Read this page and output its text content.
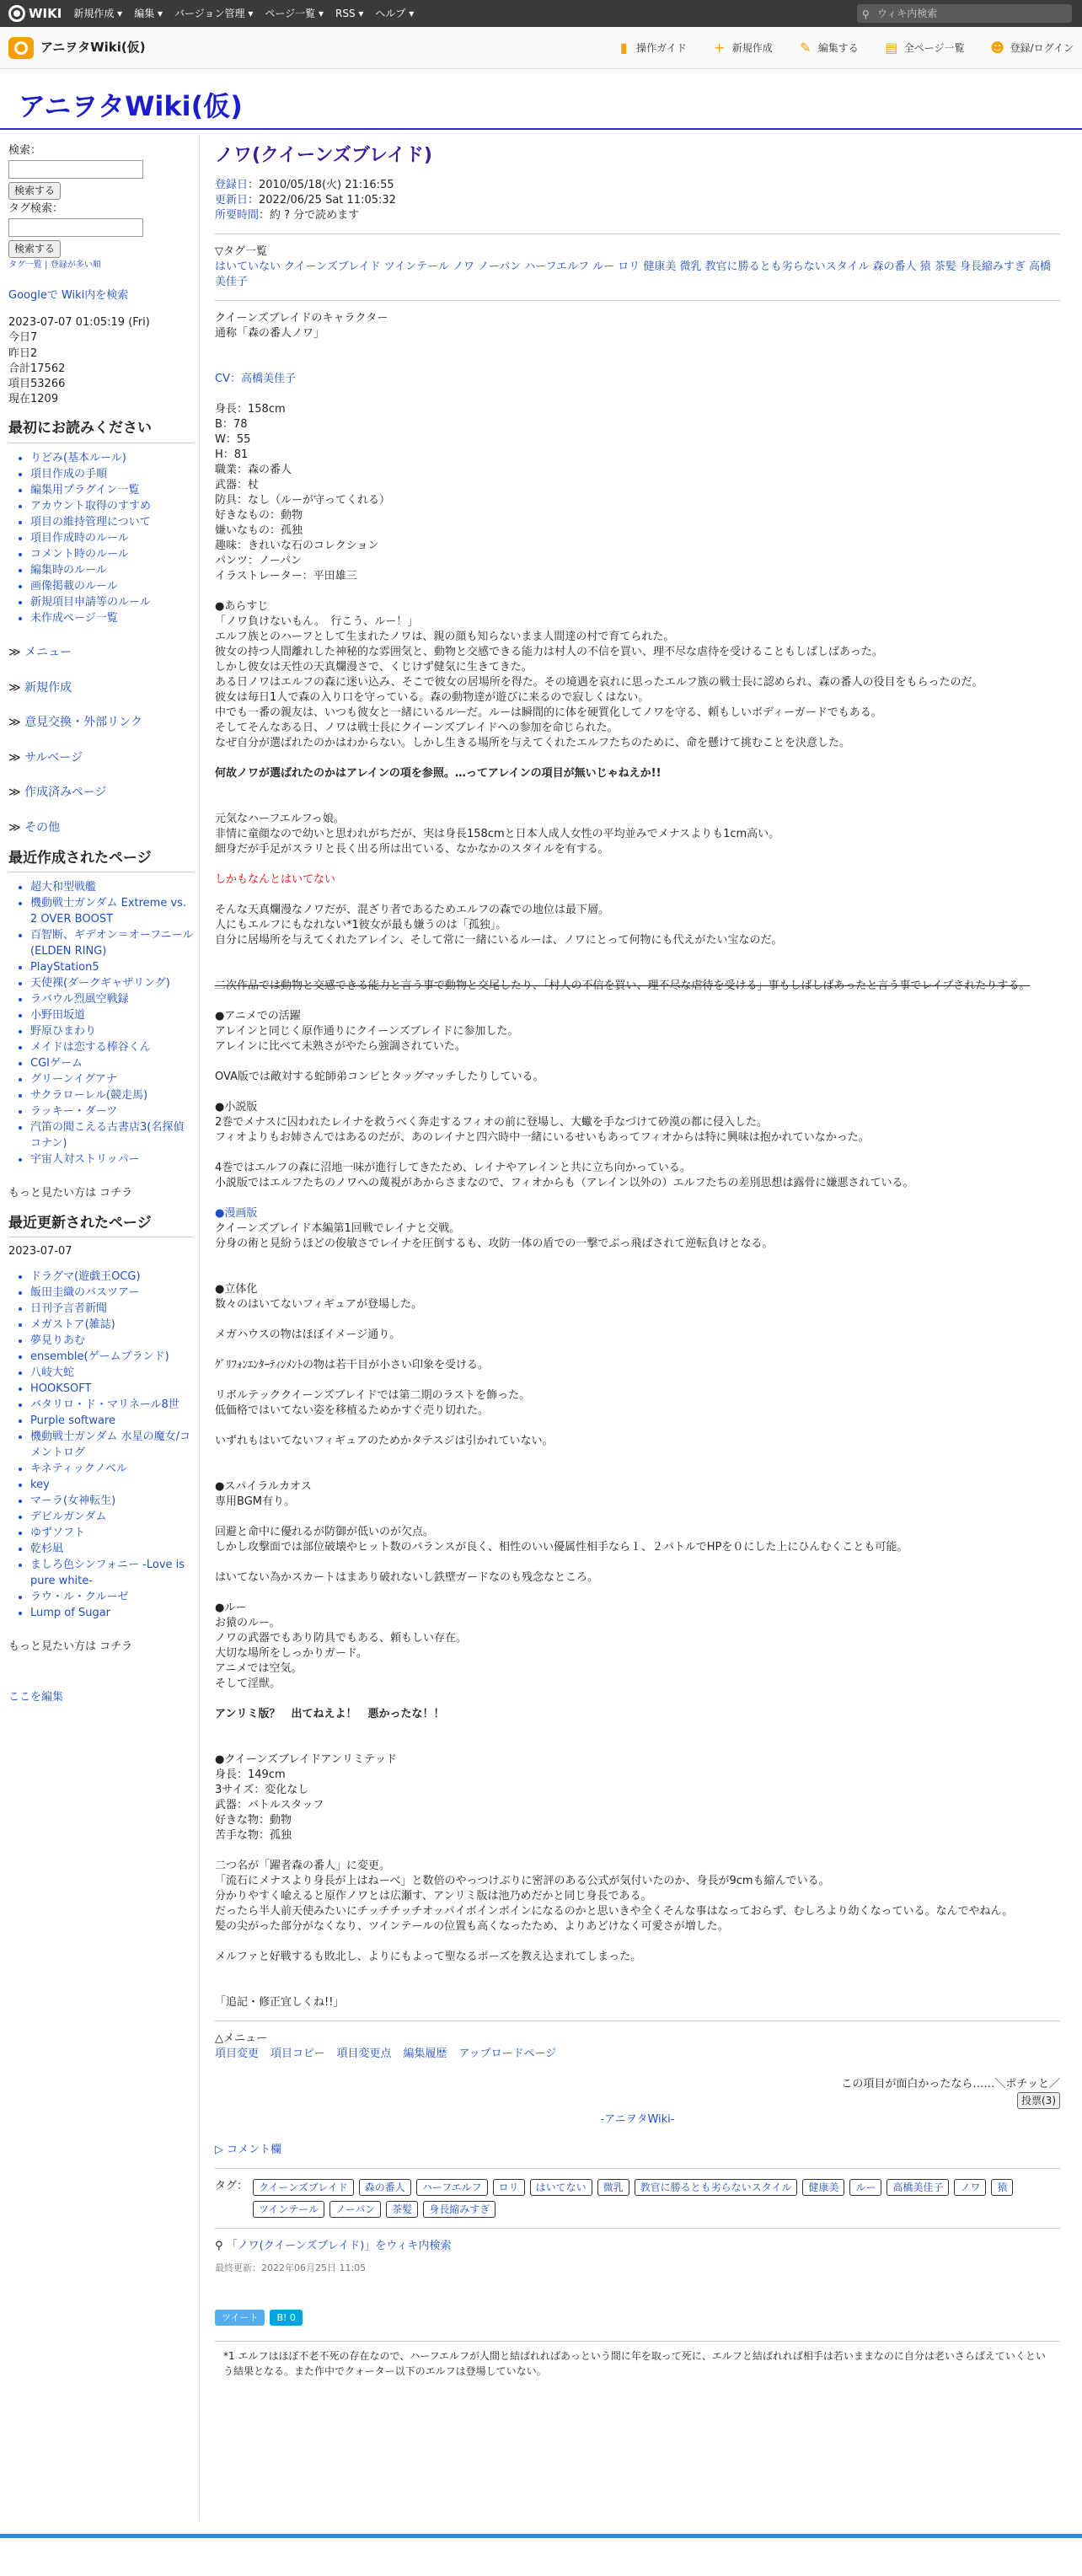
WIKI 新規作成 ▾ 編集 ▾ バージョン管理 ▾ ページ一覧 ▾ RSS ▾ ヘルプ ▾	⚲ ウィキ内検索
アニヲタWiki(仮)	▮ 操作ガイド + 新規作成 ✎ 編集する ▤ 全ページ一覧 ☻ 登録/ログイン
アニヲタWiki(仮)
検索：
検索する
タグ検索：
検索する
タグ一覧 | 登録が多い順
Googleで Wiki内を検索
2023-07-07 01:05:19 (Fri)
今日7
昨日2
合計17562
項目53266
現在1209
最初にお読みください
• りどみ(基本ルール)
• 項目作成の手順
• 編集用プラグイン一覧
• アカウント取得のすすめ
• 項目の維持管理について
• 項目作成時のルール
• コメント時のルール
• 編集時のルール
• 画像掲載のルール
• 新規項目申請等のルール
• 未作成ページ一覧
≫ メニュー
≫ 新規作成
≫ 意見交換・外部リンク
≫ サルベージ
≫ 作成済みページ
≫ その他
最近作成されたページ
• 超大和型戦艦
• 機動戦士ガンダム Extreme vs. 2 OVER BOOST
• 百智断、ギデオン＝オーフニール(ELDEN RING)
• PlayStation5
• 天使裸(ダークギャザリング)
• ラバウル烈風空戦録
• 小野田坂道
• 野原ひまわり
• メイドは恋する棒谷くん
• CGIゲーム
• グリーンイグアナ
• サクラローレル(競走馬)
• ラッキー・ダーツ
• 汽笛の聞こえる古書店3(名探偵コナン)
• 宇宙人対ストリッパー
もっと見たい方は コチラ
最近更新されたページ
2023-07-07
• ドラグマ(遊戯王OCG)
• 飯田圭織のバスツアー
• 日刊予言者新聞
• メガストア(雑誌)
• 夢見りあむ
• ensemble(ゲームブランド)
• 八岐大蛇
• HOOKSOFT
• バタリロ・ド・マリネール8世
• Purple software
• 機動戦士ガンダム 水星の魔女/コメントログ
• キネティックノベル
• key
• マーラ(女神転生)
• デビルガンダム
• ゆずソフト
• 乾杉凪
• ましろ色シンフォニー -Love is pure white-
• ラウ・ル・クルーゼ
• Lump of Sugar
もっと見たい方は コチラ
ここを編集
ノワ(クイーンズブレイド)
登録日：2010/05/18(火) 21:16:55
更新日：2022/06/25 Sat 11:05:32
所要時間：約 ? 分で読めます

▽タグ一覧

はいていない クイーンズブレイド ツインテール ノワ ノーパン ハーフエルフ ルー ロリ 健康美 微乳 教官に勝るとも劣らないスタイル 森の番人 猿 茶髪 身長縮みすぎ 高橋美佳子

クイーンズブレイドのキャラクター

通称「森の番人ノワ」

CV：高橋美佳子

身長：158cm

B：78

W：55

H：81

職業：森の番人

武器：杖

防具：なし（ルーが守ってくれる）

好きなもの：動物

嫌いなもの：孤独

趣味：きれいな石のコレクション

パンツ：ノーパン

イラストレーター：平田雄三

●あらすじ

「ノワ負けないもん。　行こう、ルー！」

エルフ族とのハーフとして生まれたノワは、親の顔も知らないまま人間達の村で育てられた。

彼女の持つ人間離れした神秘的な雰囲気と、動物と交感できる能力は村人の不信を買い、理不尽な虐待を受けることもしばしばあった。

しかし彼女は天性の天真爛漫さで、くじけず健気に生きてきた。

ある日ノワはエルフの森に迷い込み、そこで彼女の居場所を得た。その境遇を哀れに思ったエルフ族の戦士長に認められ、森の番人の役目をもらったのだ。

彼女は毎日1人で森の入り口を守っている。森の動物達が遊びに来るので寂しくはない。

中でも一番の親友は、いつも彼女と一緒にいるルーだ。ルーは瞬間的に体を硬質化してノワを守る、頼もしいボディーガードでもある。

そしてそんなある日、ノワは戦士長にクイーンズブレイドへの参加を命じられた。

なぜ自分が選ばれたのかはわからない。しかし生きる場所を与えてくれたエルフたちのために、命を懸けて挑むことを決意した。

何故ノワが選ばれたのかはアレインの項を参照。…ってアレインの項目が無いじゃねえか!!

元気なハーフエルフっ娘。

非情に童顔なので幼いと思われがちだが、実は身長158cmと日本人成人女性の平均並みでメナスよりも1cm高い。

細身だが手足がスラリと長く出る所は出ている、なかなかのスタイルを有する。

しかもなんとはいてない

そんな天真爛漫なノワだが、混ざり者であるためエルフの森での地位は最下層。

人にもエルフにもなれない*1彼女が最も嫌うのは「孤独」。

自分に居場所を与えてくれたアレイン、そして常に一緒にいるルーは、ノワにとって何物にも代えがたい宝なのだ。

二次作品では動物と交感できる能力と言う事で動物と交尾したり、「村人の不信を買い、理不尽な虐待を受ける」事もしばしばあったと言う事でレイプされたりする。

●アニメでの活躍

アレインと同じく原作通りにクイーンズブレイドに参加した。

アレインに比べて未熟さがやたら強調されていた。

OVA版では敵対する蛇師弟コンビとタッグマッチしたりしている。

●小説版

2巻でメナスに囚われたレイナを救うべく奔走するフィオの前に登場し、大蠍を手なづけて砂漠の都に侵入した。

フィオよりもお姉さんではあるのだが、あのレイナと四六時中一緒にいるせいもあってフィオからは特に興味は抱かれていなかった。

4巻ではエルフの森に沼地一味が進行してきたため、レイナやアレインと共に立ち向かっている。

小説版ではエルフたちのノワへの蔑視があからさまなので、フィオからも（アレイン以外の）エルフたちの差別思想は露骨に嫌悪されている。

●漫画版

クイーンズブレイド本編第1回戦でレイナと交戦。

分身の術と見紛うほどの俊敏さでレイナを圧倒するも、攻防一体の盾での一撃でぶっ飛ばされて逆転負けとなる。

●立体化

数々のはいてないフィギュアが登場した。

メガハウスの物はほぼイメージ通り。

ｸﾞﾘﾌｫﾝｴﾝﾀｰﾃｨﾝﾒﾝﾄの物は若干目が小さい印象を受ける。

リボルテッククイーンズブレイドでは第二期のラストを飾った。

低価格ではいてない姿を移植るためかすぐ売り切れた。

いずれもはいてないフィギュアのためかタテスジは引かれていない。

●スパイラルカオス

専用BGM有り。

回避と命中に優れるが防御が低いのが欠点。

しかし攻撃面では部位破壊やヒット数のバランスが良く、相性のいい優属性相手なら１、２パトルでHPを０にした上にひんむくことも可能。

はいてない為かスカートはまあり破れないし鉄壁ガードなのも残念なところ。

●ルー

お猿のルー。

ノワの武器でもあり防具でもある、頼もしい存在。

大切な場所をしっかりガード。

アニメでは空気。

そして淫獣。

アンリミ版？　出てねえよ！　悪かったな！！

●クイーンズブレイドアンリミテッド

身長：149cm

3サイズ：変化なし

武器：バトルスタッフ

好きな物：動物

苦手な物：孤独

二つ名が「躍者森の番人」に変更。

「流石にメナスより身長が上はねーべ」と数倍のやっつけぶりに密評のある公式が気付いたのか、身長が9cmも縮んでいる。

分かりやすく喩えると原作ノワとは広瀬す、アンリミ版は池乃めだかと同じ身長である。

だったら半人前天使みたいにチッチチッチオッパイボインボインになるのかと思いきや全くそんな事はなっておらず、むしろより幼くなっている。なんでやねん。

髪の尖がった部分がなくなり、ツインテールの位置も高くなったため、よりあどけなく可愛さが増した。

メルファと好戦するも敗北し、よりにもよって聖なるポーズを教え込まれてしまった。

「追記・修正宜しくね!!」

△メニュー

項目変更 項目コピー 項目変更点 編集履歴 アップロードページ

この項目が面白かったなら……＼ポチッと／
投票(3)

-アニヲタWiki-

▷ コメント欄

タグ：	クイーンズブレイド	森の番人	ハーフエルフ	ロリ	はいてない	微乳	教官に勝るとも劣らないスタイル	健康美	ルー	高橋美佳子	ノワ	猿
ツインテール	ノーパン	茶髪	身長縮みすぎ

⚲ 「ノワ(クイーンズブレイド)」をウィキ内検索

最終更新：2022年06月25日 11:05

ツイート	B! 0
*1 エルフはほぼ不老不死の存在なので、ハーフエルフが人間と結ばれればあっという間に年を取って死に、エルフと結ばれれば相手は若いままなのに自分は老いさらばえていくという結果となる。また作中でクォーター以下のエルフは登場していない。
